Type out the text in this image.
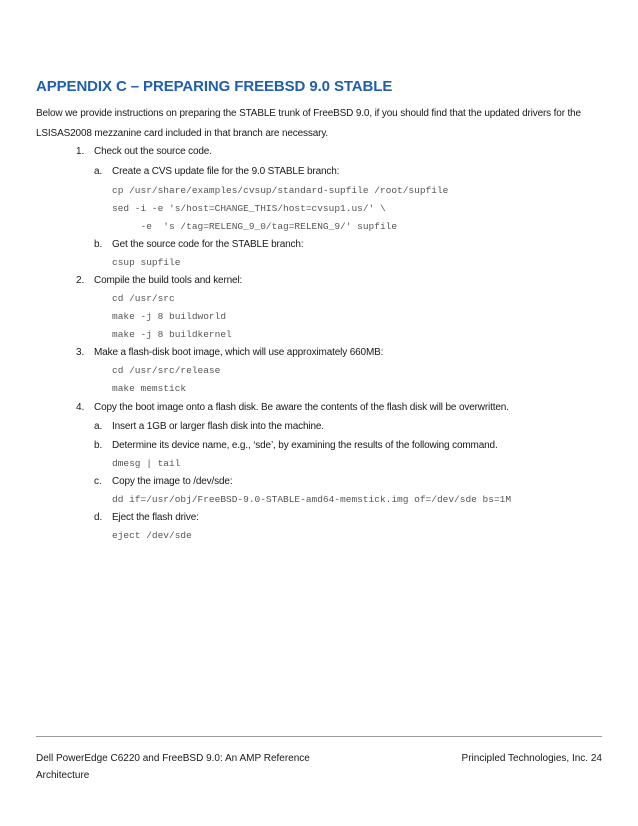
APPENDIX C – PREPARING FREEBSD 9.0 STABLE
Below we provide instructions on preparing the STABLE trunk of FreeBSD 9.0, if you should find that the updated drivers for the LSISAS2008 mezzanine card included in that branch are necessary.
1. Check out the source code.
a. Create a CVS update file for the 9.0 STABLE branch:
cp /usr/share/examples/cvsup/standard-supfile /root/supfile
sed -i -e 's/host=CHANGE_THIS/host=cvsup1.us/' \
-e  's /tag=RELENG_9_0/tag=RELENG_9/' supfile
b. Get the source code for the STABLE branch:
csup supfile
2. Compile the build tools and kernel:
cd /usr/src
make -j 8 buildworld
make -j 8 buildkernel
3. Make a flash-disk boot image, which will use approximately 660MB:
cd /usr/src/release
make memstick
4. Copy the boot image onto a flash disk. Be aware the contents of the flash disk will be overwritten.
a. Insert a 1GB or larger flash disk into the machine.
b. Determine its device name, e.g., ‘sde’, by examining the results of the following command.
dmesg | tail
c. Copy the image to /dev/sde:
dd if=/usr/obj/FreeBSD-9.0-STABLE-amd64-memstick.img of=/dev/sde bs=1M
d. Eject the flash drive:
eject /dev/sde
Dell PowerEdge C6220 and FreeBSD 9.0: An AMP Reference Architecture
Principled Technologies, Inc. 24
